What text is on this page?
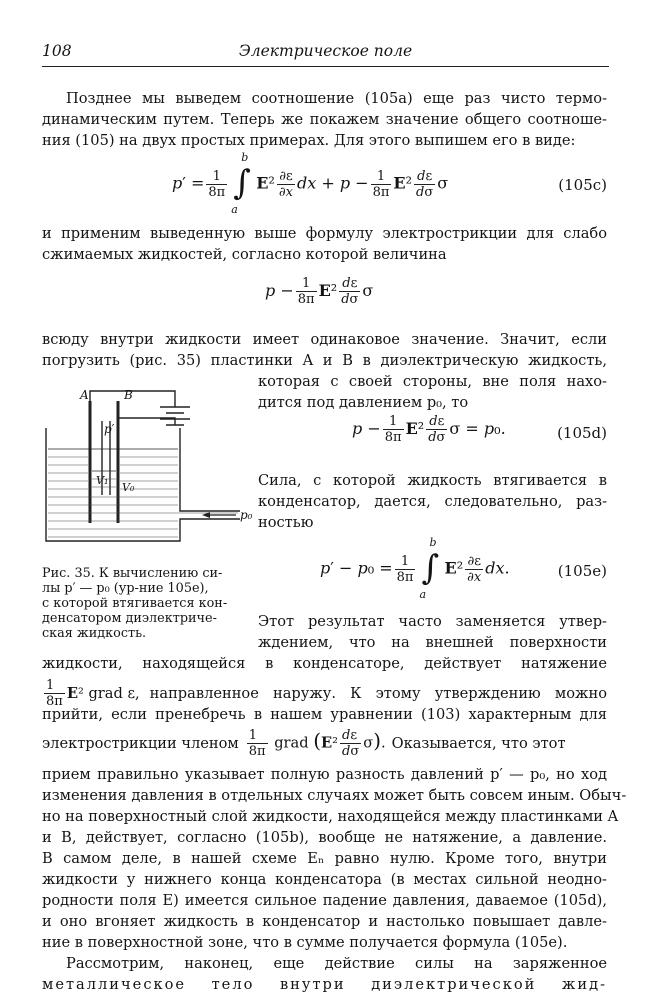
108	Электрическое поле
Позднее мы выведем соотношение (105а) еще раз чисто термо-
динамическим путем. Теперь же покажем значение общего соотноше-
ния (105) на двух простых примерах. Для этого выпишем его в виде:
$p' = \frac{1}{8\pi}$
b
∫
a
$E^2 \frac{\partial\varepsilon}{\partial x}$ dx + $p - \frac{1}{8\pi} E^2 \frac{d\varepsilon}{d\sigma}$ σ	(105c)
и применим выведенную выше формулу электрострикции для слабо
сжимаемых жидкостей, согласно которой величина
$p - \frac{1}{8\pi} E^2 \frac{d\varepsilon}{d\sigma}$ σ
всюду внутри жидкости имеет одинаковое значение. Значит, если
погрузить (рис. 35) пластинки A и B в диэлектрическую жидкость,
которая с своей стороны, вне поля нахо-
дится под давлением p₀, то
$p - \frac{1}{8\pi} E^2 \frac{d\varepsilon}{d\sigma}$ σ = p₀.	(105d)
Сила, с которой жидкость втягивается в
конденсатор, дается, следовательно, раз-
ностью
$p' - p_0 = \frac{1}{8\pi}$
b
∫
a
$E^2 \frac{\partial\varepsilon}{\partial x}$ dx.	(105e)
A	B
p′
V₁
V₀
p₀
Рис. 35. К вычислению си-
лы p′ — p₀ (ур-ние 105е),
с которой втягивается кон-
денсатором диэлектриче-
ская жидкость.
Этот результат часто заменяется утвер-
ждением, что на внешней поверхности
жидкости, находящейся в конденсаторе, действует натяжение
1
8π E² grad ε, направленное наружу. К этому утверждению можно
прийти, если пренебречь в нашем уравнении (103) характерным для
электрострикции членом $\frac{1}{8\pi}$ grad $(E^2 \frac{d\varepsilon}{d\sigma} \sigma)$. Оказывается, что этот
прием правильно указывает полную разность давлений p′ — p₀, но ход
изменения давления в отдельных случаях может быть совсем иным. Обыч-
но на поверхностный слой жидкости, находящейся между пластинками A
и B, действует, согласно (105b), вообще не натяжение, а давление.
В самом деле, в нашей схеме Eₙ равно нулю. Кроме того, внутри
жидкости у нижнего конца конденсатора (в местах сильной неодно-
родности поля E) имеется сильное падение давления, даваемое (105d),
и оно вгоняет жидкость в конденсатор и настолько повышает давле-
ние в поверхностной зоне, что в сумме получается формула (105e).
Рассмотрим, наконец, еще действие силы на заряженное
металлическое тело внутри диэлектрической жид-
